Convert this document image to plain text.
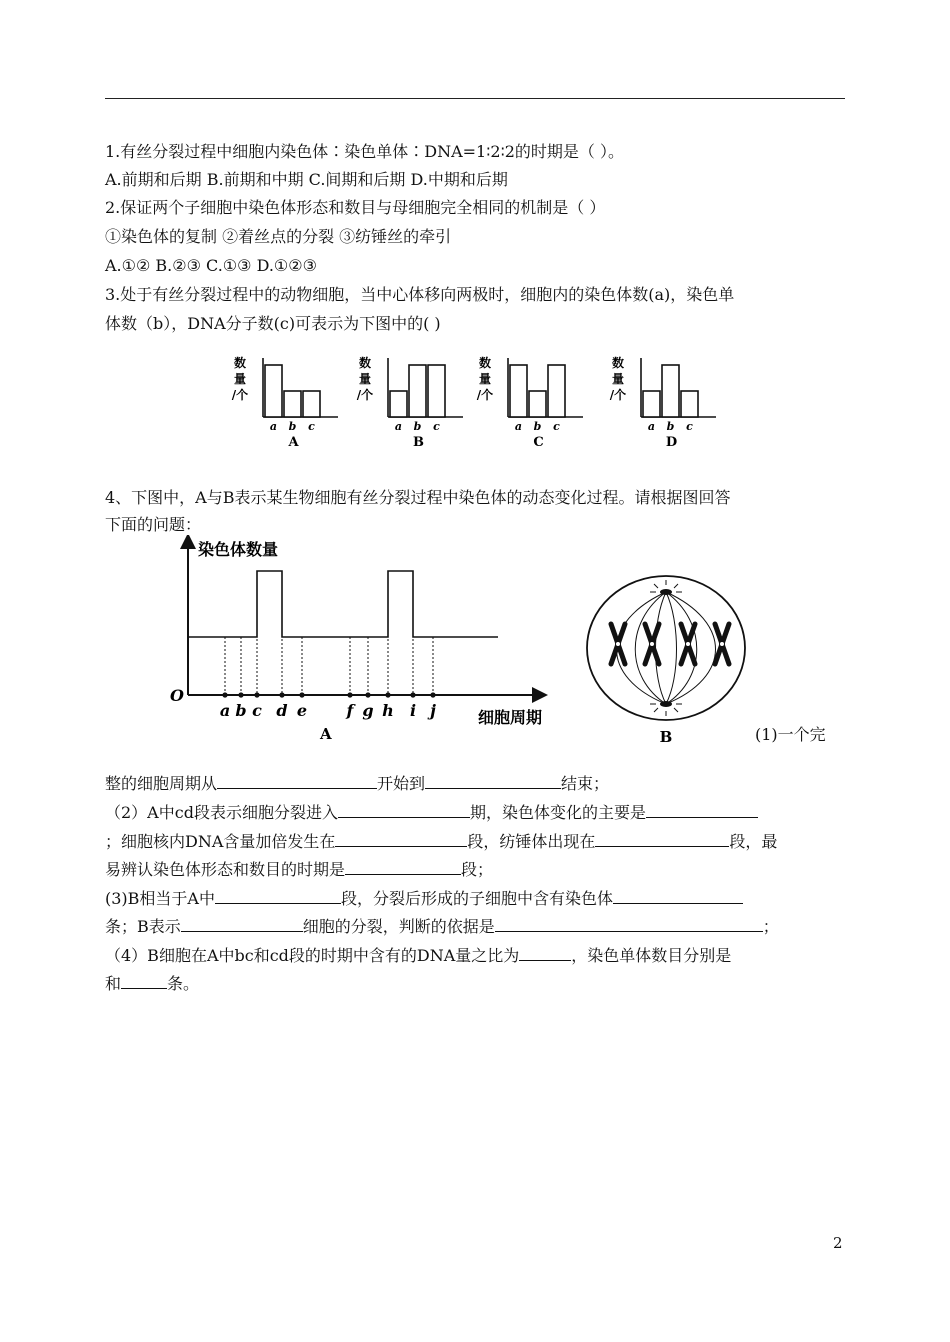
1.有丝分裂过程中细胞内染色体∶染色单体∶DNA=1∶2∶2的时期是（ ）。
A.前期和后期 B.前期和中期 C.间期和后期 D.中期和后期
2.保证两个子细胞中染色体形态和数目与母细胞完全相同的机制是（ ）
①染色体的复制 ②着丝点的分裂 ③纺锤丝的牵引
A.①② B.②③ C.①③ D.①②③
3.处于有丝分裂过程中的动物细胞，当中心体移向两极时，细胞内的染色体数(a)，染色单
体数（b），DNA分子数(c)可表示为下图中的( )
数
量
/个
a b c
A
数
量
/个
a b c
B
数
量
/个
a b c
C
数
量
/个
a b c
D
4、下图中，A与B表示某生物细胞有丝分裂过程中染色体的动态变化过程。请根据图回答
下面的问题：
染色体数量
O
细胞周期
a b c d e f g h i j
A	B	(1)一个完
整的细胞周期从	开始到	结束；
（2）A中cd段表示细胞分裂进入	期，染色体变化的主要是
；细胞核内DNA含量加倍发生在	段，纺锤体出现在	段，最
易辨认染色体形态和数目的时期是	段；
(3)B相当于A中	段，分裂后形成的子细胞中含有染色体
条；B表示	细胞的分裂，判断的依据是	；
（4）B细胞在A中bc和cd段的时期中含有的DNA量之比为	，染色单体数目分别是
和	条。
2
